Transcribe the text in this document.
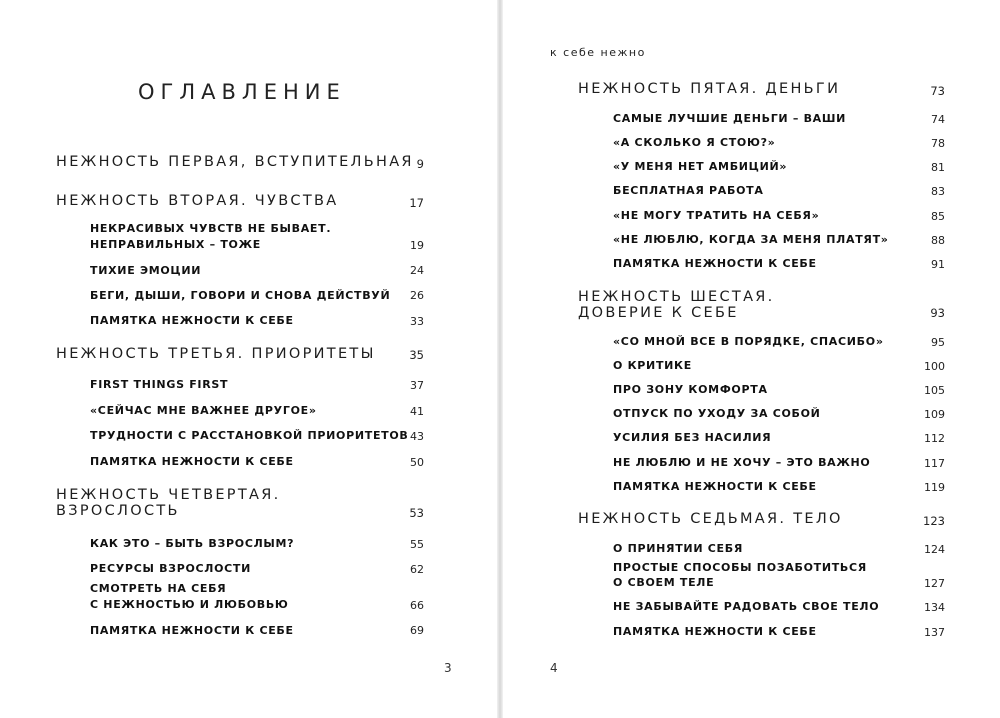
ОГЛАВЛЕНИЕ
НЕЖНОСТЬ ПЕРВАЯ, ВСТУПИТЕЛЬНАЯ 9
НЕЖНОСТЬ ВТОРАЯ. ЧУВСТВА	17
НЕКРАСИВЫХ ЧУВСТВ НЕ БЫВАЕТ.
НЕПРАВИЛЬНЫХ – ТОЖЕ	19
ТИХИЕ ЭМОЦИИ	24
БЕГИ, ДЫШИ, ГОВОРИ И СНОВА ДЕЙСТВУЙ	26
ПАМЯТКА НЕЖНОСТИ К СЕБЕ	33
НЕЖНОСТЬ ТРЕТЬЯ. ПРИОРИТЕТЫ	35
FIRST THINGS FIRST	37
«СЕЙЧАС МНЕ ВАЖНЕЕ ДРУГОЕ»	41
ТРУДНОСТИ С РАССТАНОВКОЙ ПРИОРИТЕТОВ 43
ПАМЯТКА НЕЖНОСТИ К СЕБЕ	50
НЕЖНОСТЬ ЧЕТВЕРТАЯ.
ВЗРОСЛОСТЬ	53
КАК ЭТО – БЫТЬ ВЗРОСЛЫМ?	55
РЕСУРСЫ ВЗРОСЛОСТИ	62
СМОТРЕТЬ НА СЕБЯ
С НЕЖНОСТЬЮ И ЛЮБОВЬЮ	66
ПАМЯТКА НЕЖНОСТИ К СЕБЕ	69
3
к себе нежно
НЕЖНОСТЬ ПЯТАЯ. ДЕНЬГИ	73
САМЫЕ ЛУЧШИЕ ДЕНЬГИ – ВАШИ	74
«А СКОЛЬКО Я СТОЮ?»	78
«У МЕНЯ НЕТ АМБИЦИЙ»	81
БЕСПЛАТНАЯ РАБОТА	83
«НЕ МОГУ ТРАТИТЬ НА СЕБЯ»	85
«НЕ ЛЮБЛЮ, КОГДА ЗА МЕНЯ ПЛАТЯТ»	88
ПАМЯТКА НЕЖНОСТИ К СЕБЕ	91
НЕЖНОСТЬ ШЕСТАЯ.
ДОВЕРИЕ К СЕБЕ	93
«СО МНОЙ ВСЕ В ПОРЯДКЕ, СПАСИБО»	95
О КРИТИКЕ	100
ПРО ЗОНУ КОМФОРТА	105
ОТПУСК ПО УХОДУ ЗА СОБОЙ	109
УСИЛИЯ БЕЗ НАСИЛИЯ	112
НЕ ЛЮБЛЮ И НЕ ХОЧУ – ЭТО ВАЖНО	117
ПАМЯТКА НЕЖНОСТИ К СЕБЕ	119
НЕЖНОСТЬ СЕДЬМАЯ. ТЕЛО	123
О ПРИНЯТИИ СЕБЯ	124
ПРОСТЫЕ СПОСОБЫ ПОЗАБОТИТЬСЯ
О СВОЕМ ТЕЛЕ	127
НЕ ЗАБЫВАЙТЕ РАДОВАТЬ СВОЕ ТЕЛО	134
ПАМЯТКА НЕЖНОСТИ К СЕБЕ	137
4
